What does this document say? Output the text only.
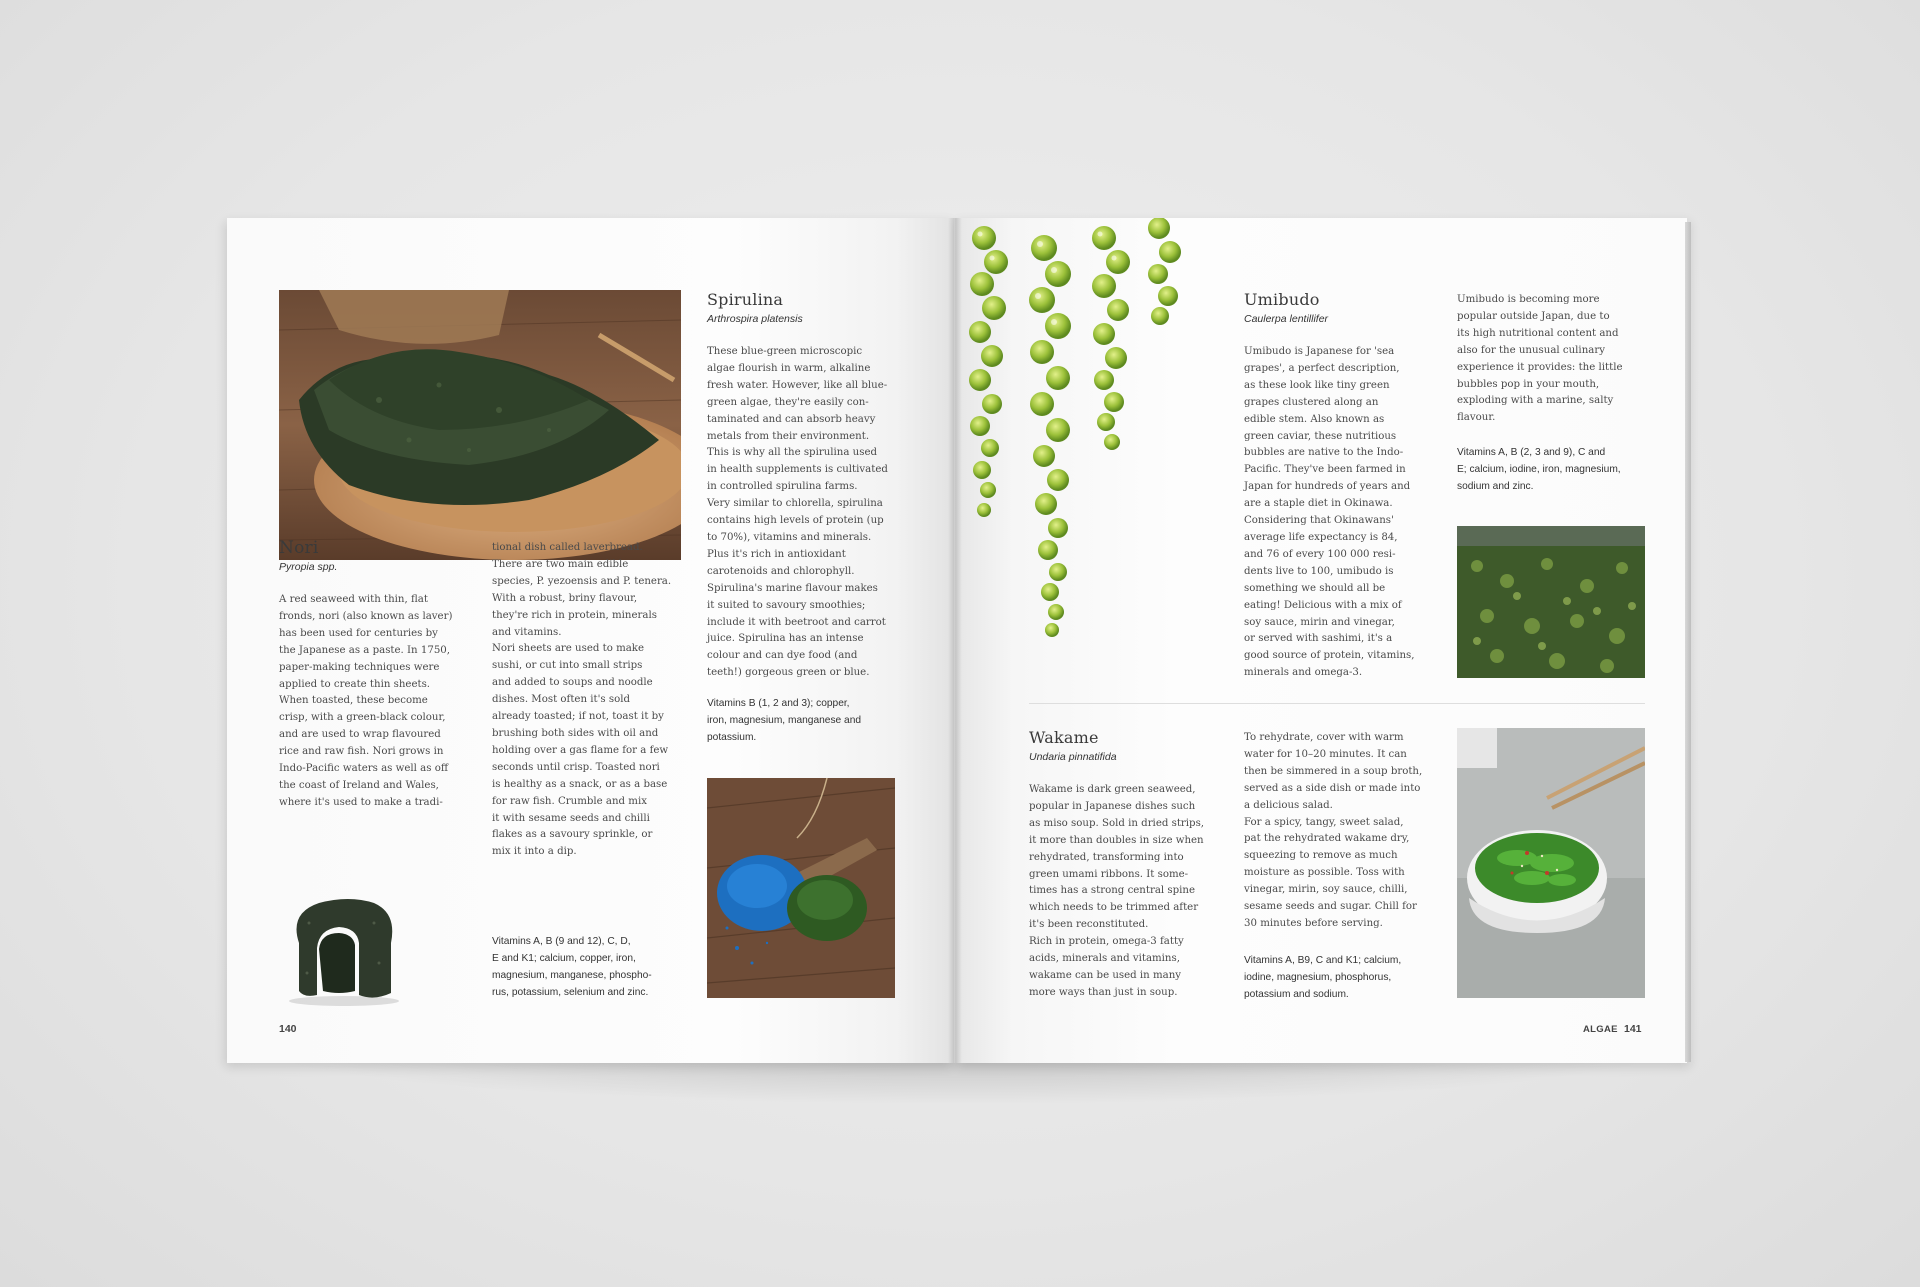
Spirulina
Arthrospira platensis
These blue-green microscopic
algae flourish in warm, alkaline
fresh water. However, like all blue-
green algae, they're easily con-
taminated and can absorb heavy
metals from their environment.
This is why all the spirulina used
in health supplements is cultivated
in controlled spirulina farms.
Very similar to chlorella, spirulina
contains high levels of protein (up
to 70%), vitamins and minerals.
Plus it's rich in antioxidant
carotenoids and chlorophyll.
Spirulina's marine flavour makes
it suited to savoury smoothies;
include it with beetroot and carrot
juice. Spirulina has an intense
colour and can dye food (and
teeth!) gorgeous green or blue.
Vitamins B (1, 2 and 3); copper,
iron, magnesium, manganese and
potassium.
Nori
Pyropia spp.
A red seaweed with thin, flat
fronds, nori (also known as laver)
has been used for centuries by
the Japanese as a paste. In 1750,
paper-making techniques were
applied to create thin sheets.
When toasted, these become
crisp, with a green-black colour,
and are used to wrap flavoured
rice and raw fish. Nori grows in
Indo-Pacific waters as well as off
the coast of Ireland and Wales,
where it's used to make a tradi-
tional dish called laverbread.
There are two main edible
species, P. yezoensis and P. tenera.
With a robust, briny flavour,
they're rich in protein, minerals
and vitamins.
Nori sheets are used to make
sushi, or cut into small strips
and added to soups and noodle
dishes. Most often it's sold
already toasted; if not, toast it by
brushing both sides with oil and
holding over a gas flame for a few
seconds until crisp. Toasted nori
is healthy as a snack, or as a base
for raw fish. Crumble and mix
it with sesame seeds and chilli
flakes as a savoury sprinkle, or
mix it into a dip.
Vitamins A, B (9 and 12), C, D,
E and K1; calcium, copper, iron,
magnesium, manganese, phospho-
rus, potassium, selenium and zinc.
140
Umibudo
Caulerpa lentillifer
Umibudo is Japanese for 'sea
grapes', a perfect description,
as these look like tiny green
grapes clustered along an
edible stem. Also known as
green caviar, these nutritious
bubbles are native to the Indo-
Pacific. They've been farmed in
Japan for hundreds of years and
are a staple diet in Okinawa.
Considering that Okinawans'
average life expectancy is 84,
and 76 of every 100 000 resi-
dents live to 100, umibudo is
something we should all be
eating! Delicious with a mix of
soy sauce, mirin and vinegar,
or served with sashimi, it's a
good source of protein, vitamins,
minerals and omega-3.
Umibudo is becoming more
popular outside Japan, due to
its high nutritional content and
also for the unusual culinary
experience it provides: the little
bubbles pop in your mouth,
exploding with a marine, salty
flavour.
Vitamins A, B (2, 3 and 9), C and
E; calcium, iodine, iron, magnesium,
sodium and zinc.
Wakame
Undaria pinnatifida
Wakame is dark green seaweed,
popular in Japanese dishes such
as miso soup. Sold in dried strips,
it more than doubles in size when
rehydrated, transforming into
green umami ribbons. It some-
times has a strong central spine
which needs to be trimmed after
it's been reconstituted.
Rich in protein, omega-3 fatty
acids, minerals and vitamins,
wakame can be used in many
more ways than just in soup.
To rehydrate, cover with warm
water for 10–20 minutes. It can
then be simmered in a soup broth,
served as a side dish or made into
a delicious salad.
For a spicy, tangy, sweet salad,
pat the rehydrated wakame dry,
squeezing to remove as much
moisture as possible. Toss with
vinegar, mirin, soy sauce, chilli,
sesame seeds and sugar. Chill for
30 minutes before serving.
Vitamins A, B9, C and K1; calcium,
iodine, magnesium, phosphorus,
potassium and sodium.
ALGAE 141
